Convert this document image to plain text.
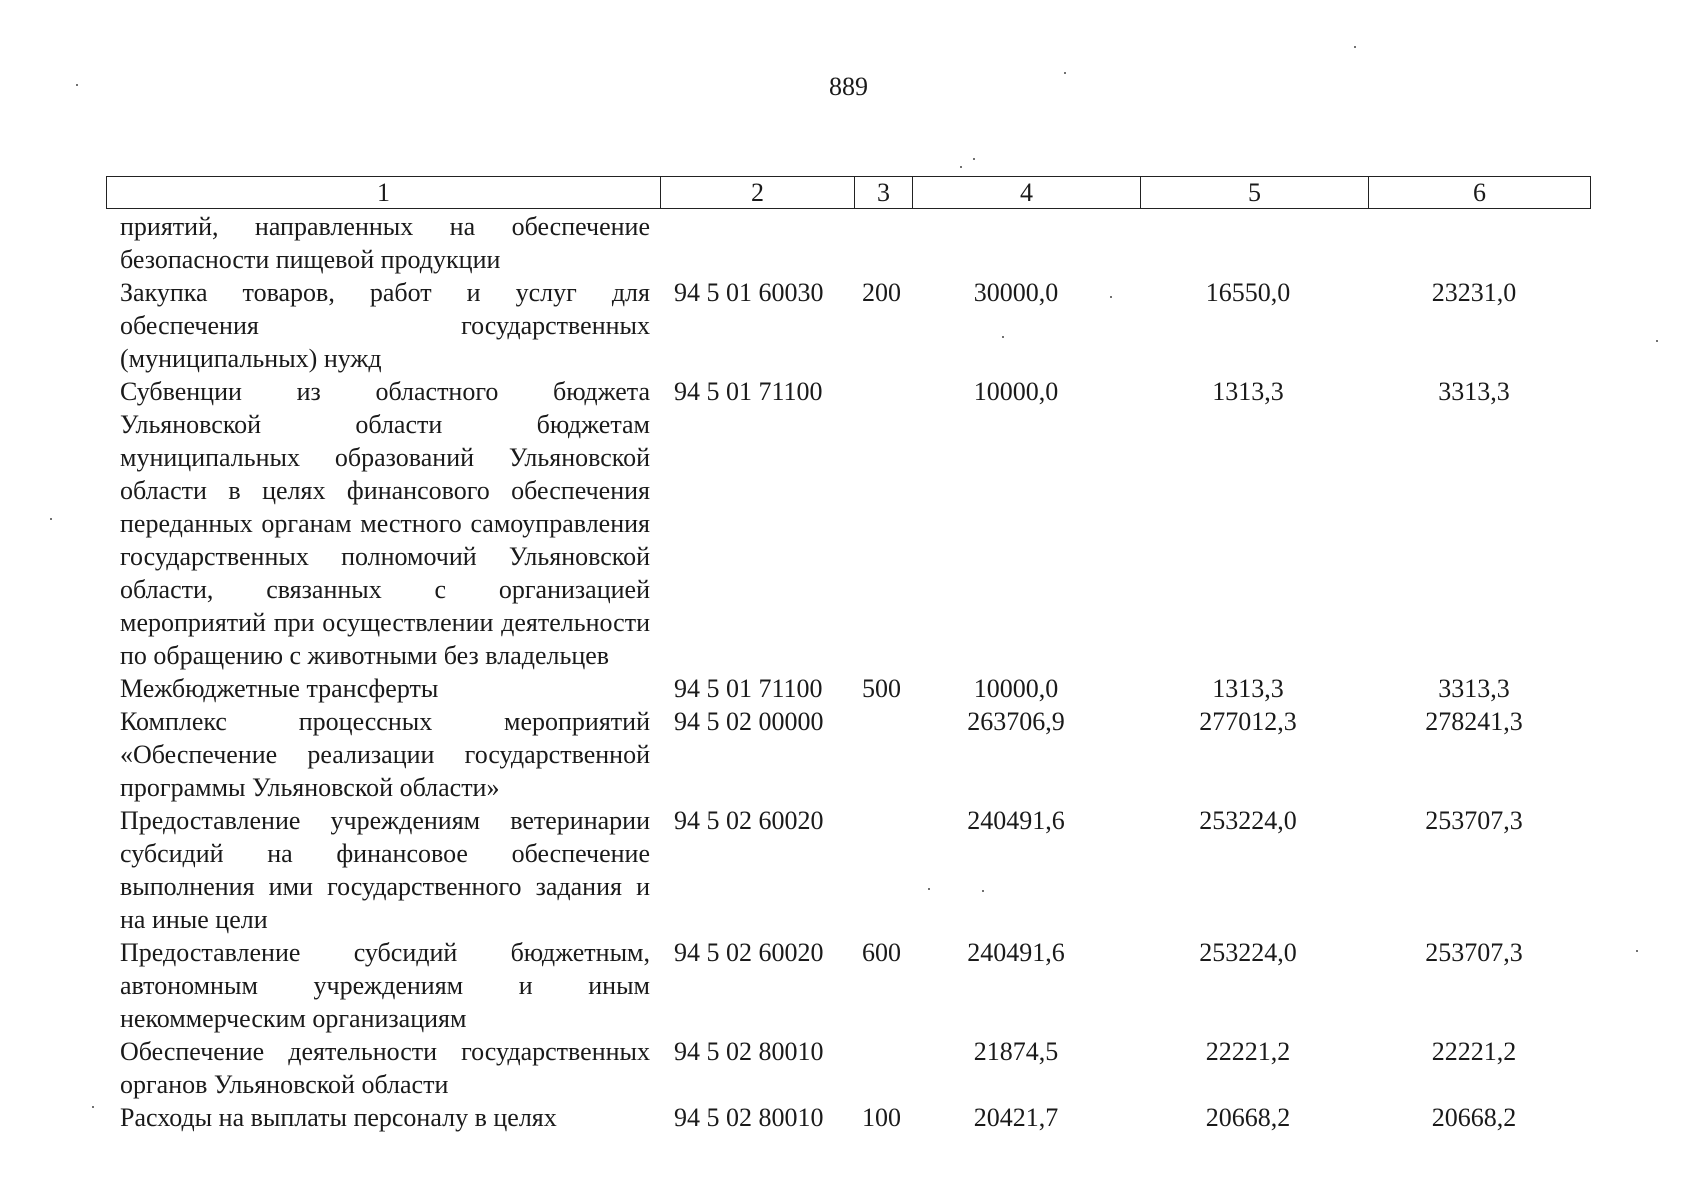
889
1	2	3	4	5	6
приятий, направленных на обеспечение безопасности пищевой продукции					
Закупка товаров, работ и услуг для обеспечения государственных (муниципальных) нужд	94 5 01 60030	200	30000,0	16550,0	23231,0
Субвенции из областного бюджета Ульяновской области бюджетам муниципальных образований Ульяновской области в целях финансового обеспечения переданных органам местного самоуправления государственных полномочий Ульяновской области, связанных с организацией мероприятий при осуществлении деятельности по обращению с животными без владельцев	94 5 01 71100		10000,0	1313,3	3313,3
Межбюджетные трансферты	94 5 01 71100	500	10000,0	1313,3	3313,3
Комплекс процессных мероприятий «Обеспечение реализации государственной программы Ульяновской области»	94 5 02 00000		263706,9	277012,3	278241,3
Предоставление учреждениям ветеринарии субсидий на финансовое обеспечение выполнения ими государственного задания и на иные цели	94 5 02 60020		240491,6	253224,0	253707,3
Предоставление субсидий бюджетным, автономным учреждениям и иным некоммерческим организациям	94 5 02 60020	600	240491,6	253224,0	253707,3
Обеспечение деятельности государственных органов Ульяновской области	94 5 02 80010		21874,5	22221,2	22221,2
Расходы на выплаты персоналу в целях	94 5 02 80010	100	20421,7	20668,2	20668,2
